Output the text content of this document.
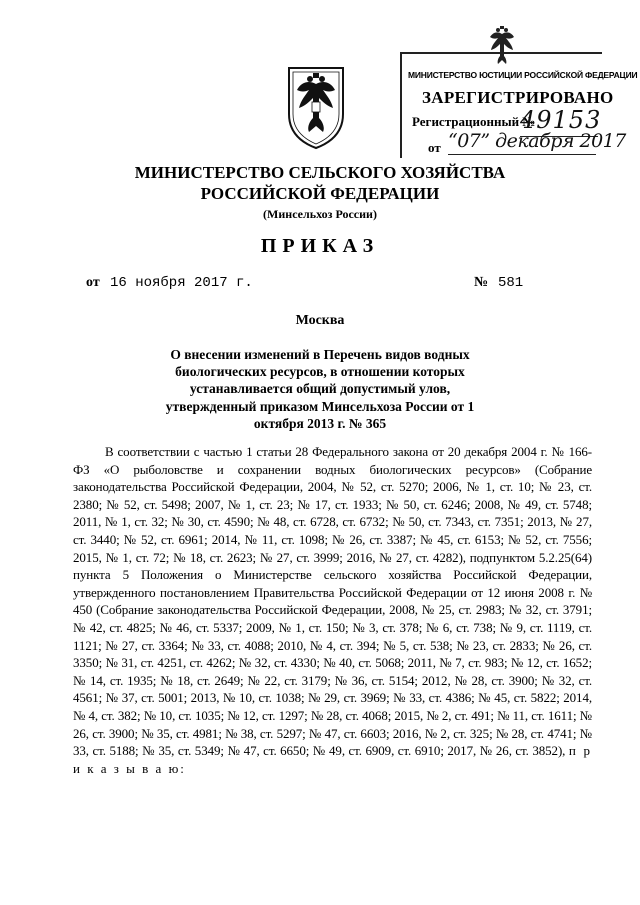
МИНИСТЕРСТВО ЮСТИЦИИ РОССИЙСКОЙ ФЕДЕРАЦИИ

ЗАРЕГИСТРИРОВАНО

Регистрационный №

49153

от “07” декабря 2017

МИНИСТЕРСТВО СЕЛЬСКОГО ХОЗЯЙСТВА

РОССИЙСКОЙ ФЕДЕРАЦИИ

(Минсельхоз России)

ПРИКАЗ

от 16 ноября 2017 г.	№ 581

Москва

О внесении изменений в Перечень видов водных биологических ресурсов, в отношении которых устанавливается общий допустимый улов, утвержденный приказом Минсельхоза России от 1 октября 2013 г. № 365

В соответствии с частью 1 статьи 28 Федерального закона от 20 декабря 2004 г. № 166-ФЗ «О рыболовстве и сохранении водных биологических ресурсов» (Собрание законодательства Российской Федерации, 2004, № 52, ст. 5270; 2006, № 1, ст. 10; № 23, ст. 2380; № 52, ст. 5498; 2007, № 1, ст. 23; № 17, ст. 1933; № 50, ст. 6246; 2008, № 49, ст. 5748; 2011, № 1, ст. 32; № 30, ст. 4590; № 48, ст. 6728, ст. 6732; № 50, ст. 7343, ст. 7351; 2013, № 27, ст. 3440; № 52, ст. 6961; 2014, № 11, ст. 1098; № 26, ст. 3387; № 45, ст. 6153; № 52, ст. 7556; 2015, № 1, ст. 72; № 18, ст. 2623; № 27, ст. 3999; 2016, № 27, ст. 4282), подпунктом 5.2.25(64) пункта 5 Положения о Министерстве сельского хозяйства Российской Федерации, утвержденного постановлением Правительства Российской Федерации от 12 июня 2008 г. № 450 (Собрание законодательства Российской Федерации, 2008, № 25, ст. 2983; № 32, ст. 3791; № 42, ст. 4825; № 46, ст. 5337; 2009, № 1, ст. 150; № 3, ст. 378; № 6, ст. 738; № 9, ст. 1119, ст. 1121; № 27, ст. 3364; № 33, ст. 4088; 2010, № 4, ст. 394; № 5, ст. 538; № 23, ст. 2833; № 26, ст. 3350; № 31, ст. 4251, ст. 4262; № 32, ст. 4330; № 40, ст. 5068; 2011, № 7, ст. 983; № 12, ст. 1652; № 14, ст. 1935; № 18, ст. 2649; № 22, ст. 3179; № 36, ст. 5154; 2012, № 28, ст. 3900; № 32, ст. 4561; № 37, ст. 5001; 2013, № 10, ст. 1038; № 29, ст. 3969; № 33, ст. 4386; № 45, ст. 5822; 2014, № 4, ст. 382; № 10, ст. 1035; № 12, ст. 1297; № 28, ст. 4068; 2015, № 2, ст. 491; № 11, ст. 1611; № 26, ст. 3900; № 35, ст. 4981; № 38, ст. 5297; № 47, ст. 6603; 2016, № 2, ст. 325; № 28, ст. 4741; № 33, ст. 5188; № 35, ст. 5349; № 47, ст. 6650; № 49, ст. 6909, ст. 6910; 2017, № 26, ст. 3852), п р и к а з ы в а ю:
